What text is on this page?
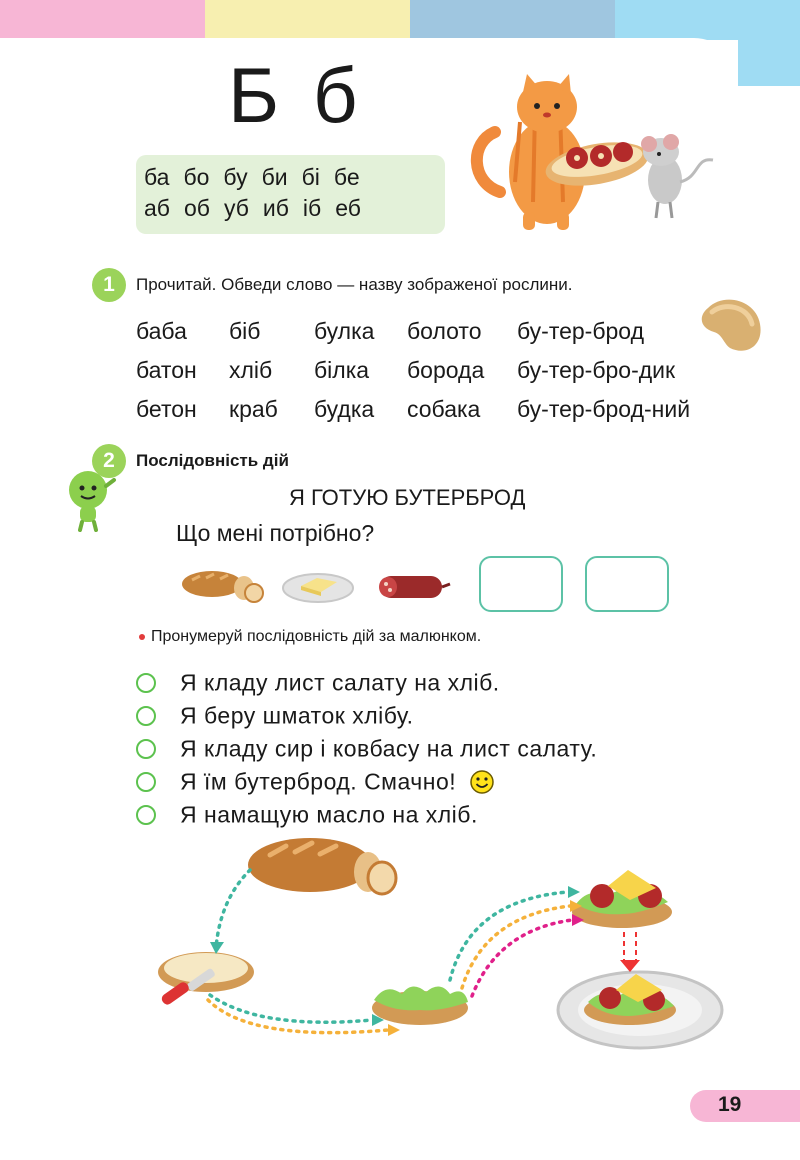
Б б
ба бо бу би бі бе
аб об уб иб іб еб
1	Прочитай. Обведи слово — назву зображеної рослини.
баба біб булка болото бу-тер-брод
батон хліб білка борода бу-тер-бро-дик
бетон краб будка собака бу-тер-брод-ний
2	Послідовність дій
Я ГОТУЮ БУТЕРБРОД
Що мені потрібно?
Пронумеруй послідовність дій за малюнком.
Я кладу лист салату на хліб.
Я беру шматок хлібу.
Я кладу сир і ковбасу на лист салату.
Я їм бутерброд. Смачно!
Я намащую масло на хліб.
19
